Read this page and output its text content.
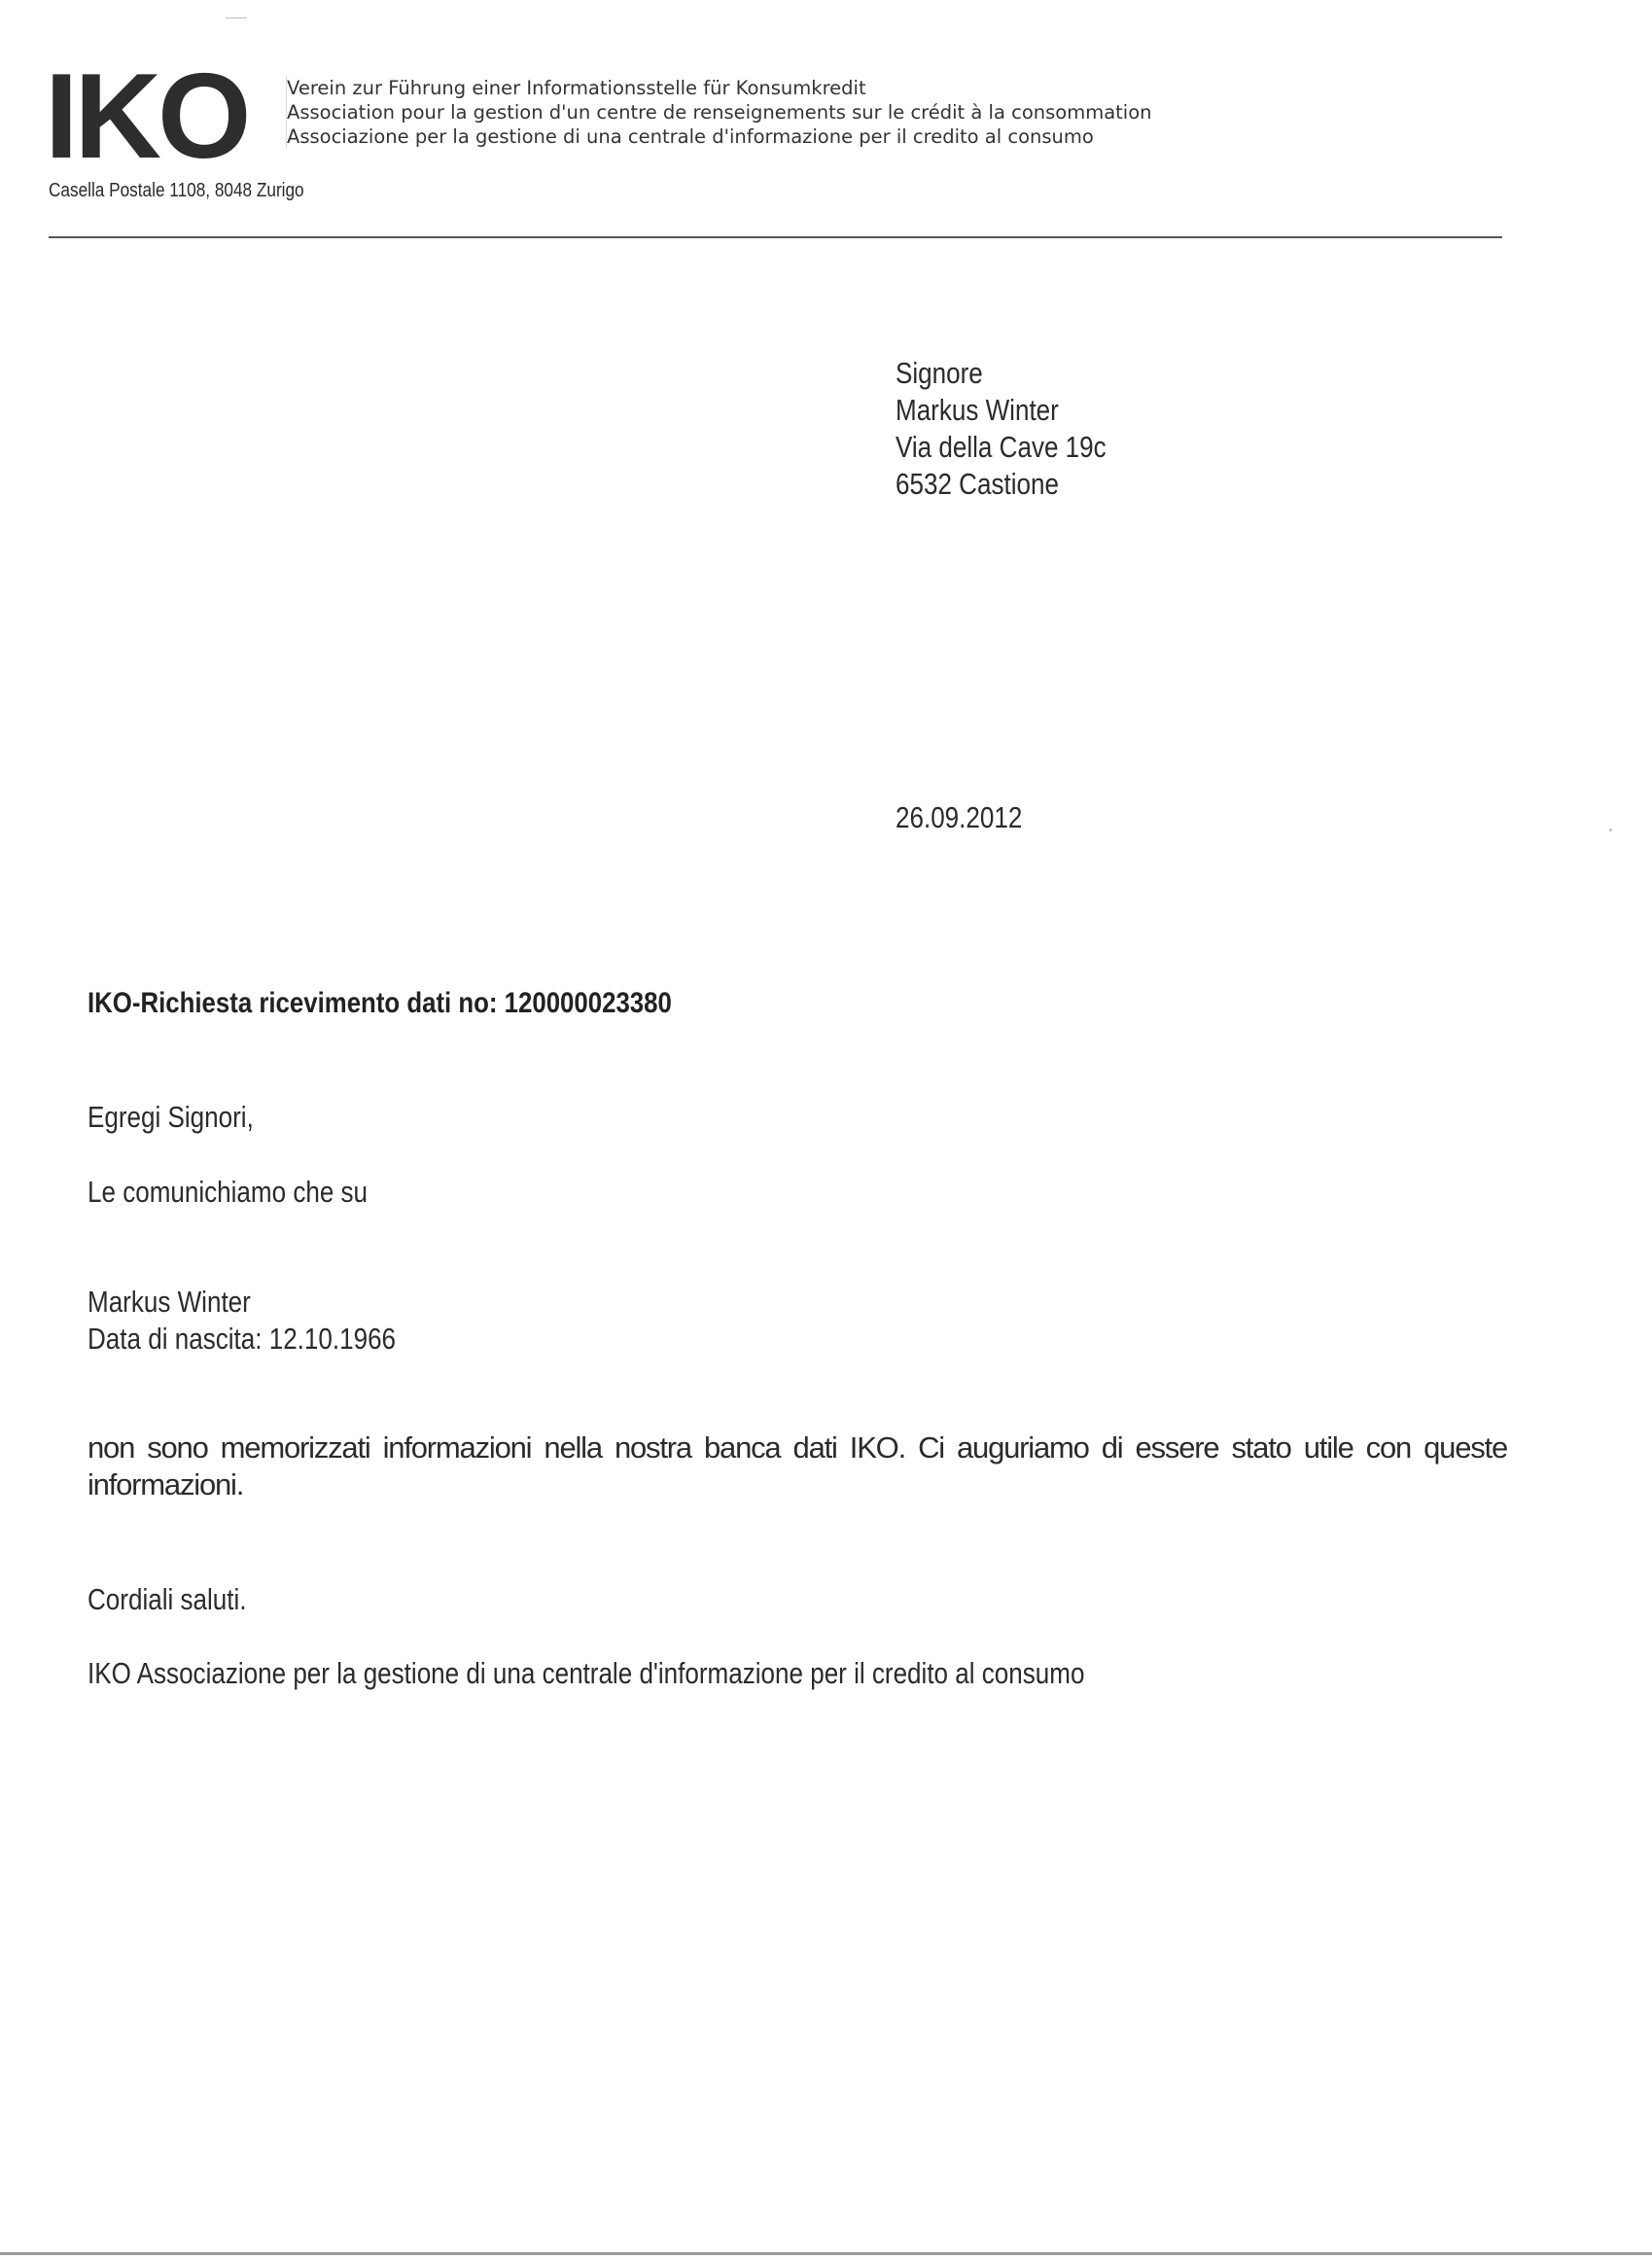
IKO Verein zur Führung einer Informationsstelle für Konsumkredit
Association pour la gestion d'un centre de renseignements sur le crédit à la consommation
Associazione per la gestione di una centrale d'informazione per il credito al consumo
Casella Postale 1108, 8048 Zurigo
Signore
Markus Winter
Via della Cave 19c
6532 Castione
26.09.2012
IKO-Richiesta ricevimento dati no: 120000023380
Egregi Signori,
Le comunichiamo che su
Markus Winter
Data di nascita: 12.10.1966
non sono memorizzati informazioni nella nostra banca dati IKO. Ci auguriamo di essere stato utile con queste informazioni.
Cordiali saluti.
IKO Associazione per la gestione di una centrale d'informazione per il credito al consumo
